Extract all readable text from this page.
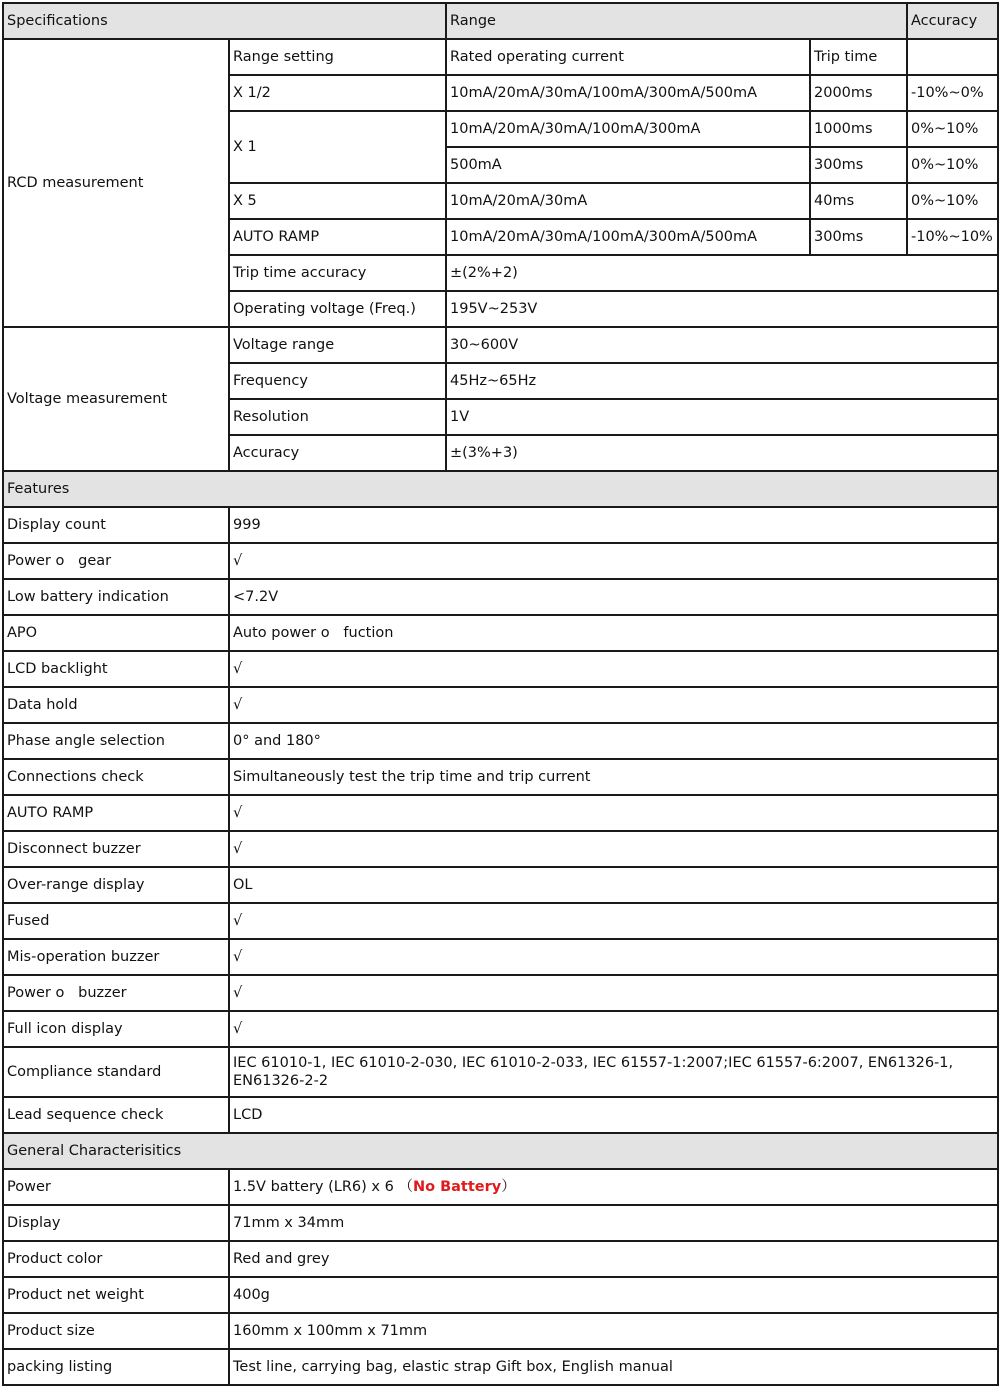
Specifications		Range		Accuracy
RCD measurement	Range setting	Rated operating current	Trip time	
	X 1/2	10mA/20mA/30mA/100mA/300mA/500mA	2000ms	-10%~0%
	X 1	10mA/20mA/30mA/100mA/300mA	1000ms	0%~10%
		500mA	300ms	0%~10%
	X 5	10mA/20mA/30mA	40ms	0%~10%
	AUTO RAMP	10mA/20mA/30mA/100mA/300mA/500mA	300ms	-10%~10%
	Trip time accuracy	±(2%+2)		
	Operating voltage (Freq.)	195V~253V		
Voltage measurement	Voltage range	30~600V		
	Frequency	45Hz~65Hz		
	Resolution	1V		
	Accuracy	±(3%+3)		
Features				
Display count	999			
Power o   gear	√			
Low battery indication	<7.2V			
APO	Auto power o   fuction			
LCD backlight	√			
Data hold	√			
Phase angle selection	0° and 180°			
Connections check	Simultaneously test the trip time and trip current			
AUTO RAMP	√			
Disconnect buzzer	√			
Over-range display	OL			
Fused	√			
Mis-operation buzzer	√			
Power o   buzzer	√			
Full icon display	√			
Compliance standard	IEC 61010-1, IEC 61010-2-030, IEC 61010-2-033, IEC 61557-1:2007;IEC 61557-6:2007, EN61326-1, EN61326-2-2			
Lead sequence check	LCD			
General Characterisitics				
Power	1.5V battery (LR6) x 6 （No Battery）			
Display	71mm x 34mm			
Product color	Red and grey			
Product net weight	400g			
Product size	160mm x 100mm x 71mm			
packing listing	Test line, carrying bag, elastic strap Gift box, English manual			
